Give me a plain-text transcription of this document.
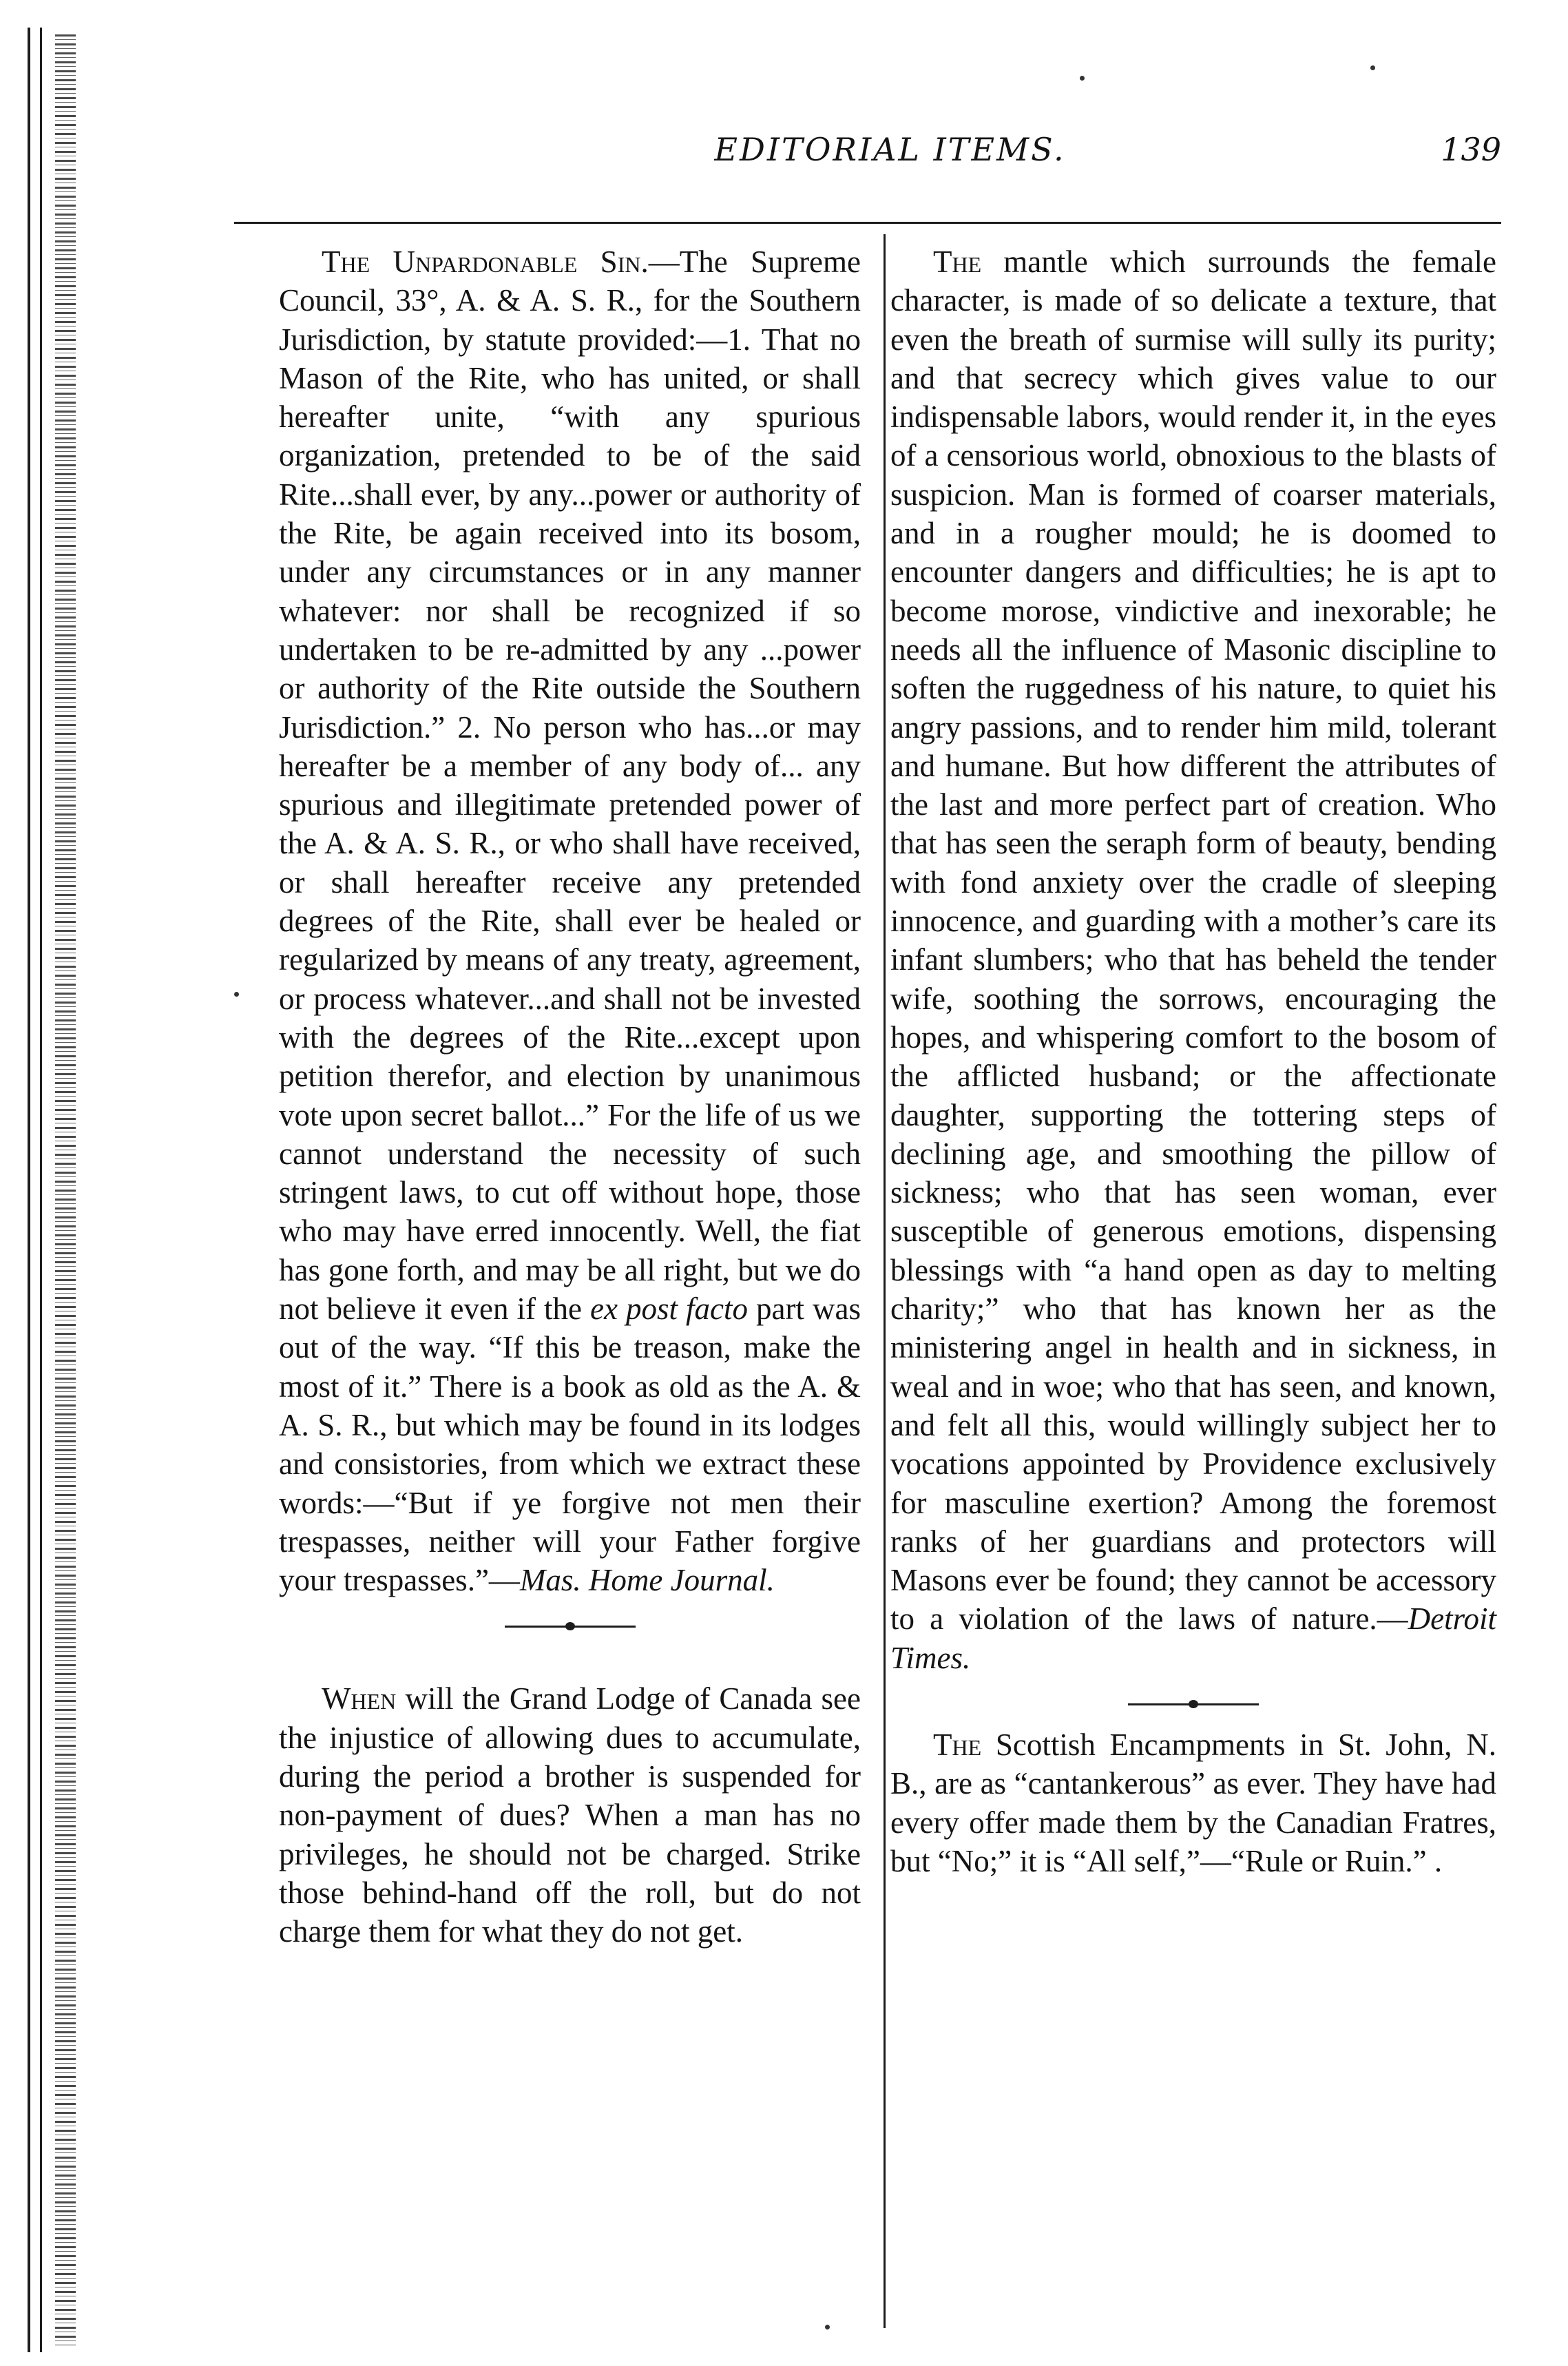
EDITORIAL ITEMS.	139

The Unpardonable Sin.—The Supreme Council, 33°, A. & A. S. R., for the Southern Jurisdiction, by statute provided:—1. That no Mason of the Rite, who has united, or shall hereafter unite, “with any spurious organization, pretended to be of the said Rite...shall ever, by any...power or authority of the Rite, be again received into its bosom, under any circumstances or in any manner whatever: nor shall be recognized if so undertaken to be re-admitted by any ...power or authority of the Rite outside the Southern Jurisdiction.” 2. No person who has...or may hereafter be a member of any body of... any spurious and illegitimate pretended power of the A. & A. S. R., or who shall have received, or shall hereafter receive any pretended degrees of the Rite, shall ever be healed or regularized by means of any treaty, agreement, or process whatever...and shall not be invested with the degrees of the Rite...except upon petition therefor, and election by unanimous vote upon secret ballot...” For the life of us we cannot understand the necessity of such stringent laws, to cut off without hope, those who may have erred innocently. Well, the fiat has gone forth, and may be all right, but we do not believe it even if the ex post facto part was out of the way. “If this be treason, make the most of it.” There is a book as old as the A. & A. S. R., but which may be found in its lodges and consistories, from which we extract these words:—“But if ye forgive not men their trespasses, neither will your Father forgive your trespasses.”—Mas. Home Journal.

When will the Grand Lodge of Canada see the injustice of allowing dues to accumulate, during the period a brother is suspended for non-payment of dues? When a man has no privileges, he should not be charged. Strike those behind-hand off the roll, but do not charge them for what they do not get.

The mantle which surrounds the female character, is made of so delicate a texture, that even the breath of surmise will sully its purity; and that secrecy which gives value to our indispensable labors, would render it, in the eyes of a censorious world, obnoxious to the blasts of suspicion. Man is formed of coarser materials, and in a rougher mould; he is doomed to encounter dangers and difficulties; he is apt to become morose, vindictive and inexorable; he needs all the influence of Masonic discipline to soften the ruggedness of his nature, to quiet his angry passions, and to render him mild, tolerant and humane. But how different the attributes of the last and more perfect part of creation. Who that has seen the seraph form of beauty, bending with fond anxiety over the cradle of sleeping innocence, and guarding with a mother’s care its infant slumbers; who that has beheld the tender wife, soothing the sorrows, encouraging the hopes, and whispering comfort to the bosom of the afflicted husband; or the affectionate daughter, supporting the tottering steps of declining age, and smoothing the pillow of sickness; who that has seen woman, ever susceptible of generous emotions, dispensing blessings with “a hand open as day to melting charity;” who that has known her as the ministering angel in health and in sickness, in weal and in woe; who that has seen, and known, and felt all this, would willingly subject her to vocations appointed by Providence exclusively for masculine exertion? Among the foremost ranks of her guardians and protectors will Masons ever be found; they cannot be accessory to a violation of the laws of nature.—Detroit Times.

The Scottish Encampments in St. John, N. B., are as “cantankerous” as ever. They have had every offer made them by the Canadian Fratres, but “No;” it is “All self,”—“Rule or Ruin.” .
